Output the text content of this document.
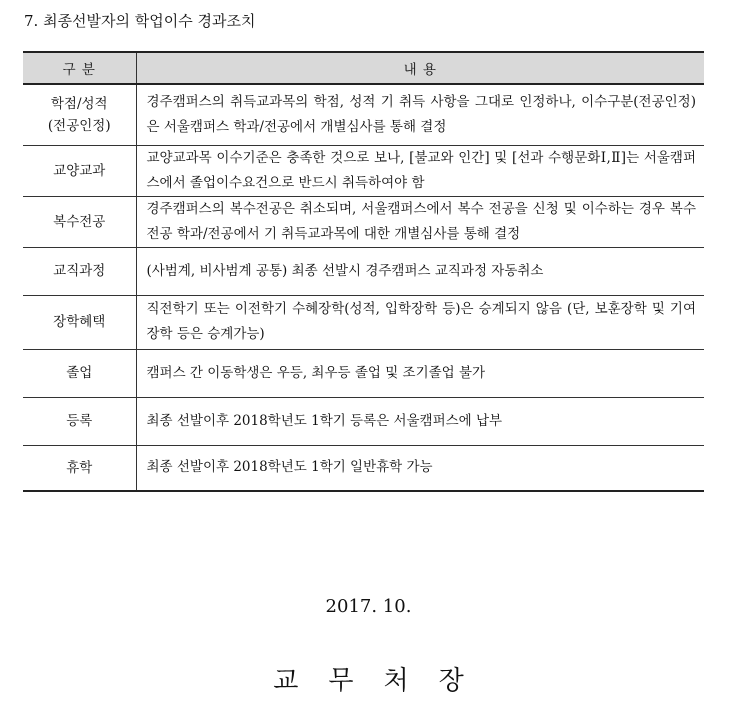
7. 최종선발자의 학업이수 경과조치
구 분	내 용

학점/성적
(전공인정)	경주캠퍼스의 취득교과목의 학점, 성적 기 취득 사항을 그대로 인정하나, 이수구분(전공인정)은 서울캠퍼스 학과/전공에서 개별심사를 통해 결정

교양교과	교양교과목 이수기준은 충족한 것으로 보나, [불교와 인간] 및 [선과 수행문화Ⅰ,Ⅱ]는 서울캠퍼스에서 졸업이수요건으로 반드시 취득하여야 함

복수전공	경주캠퍼스의 복수전공은 취소되며, 서울캠퍼스에서 복수 전공을 신청 및 이수하는 경우 복수전공 학과/전공에서 기 취득교과목에 대한 개별심사를 통해 결정

교직과정	(사범계, 비사범계 공통) 최종 선발시 경주캠퍼스 교직과정 자동취소

장학혜택	직전학기 또는 이전학기 수혜장학(성적, 입학장학 등)은 승계되지 않음 (단, 보훈장학 및 기여장학 등은 승계가능)

졸업	캠퍼스 간 이동학생은 우등, 최우등 졸업 및 조기졸업 불가

등록	최종 선발이후 2018학년도 1학기 등록은 서울캠퍼스에 납부

휴학	최종 선발이후 2018학년도 1학기 일반휴학 가능
2017. 10.
교무처장
